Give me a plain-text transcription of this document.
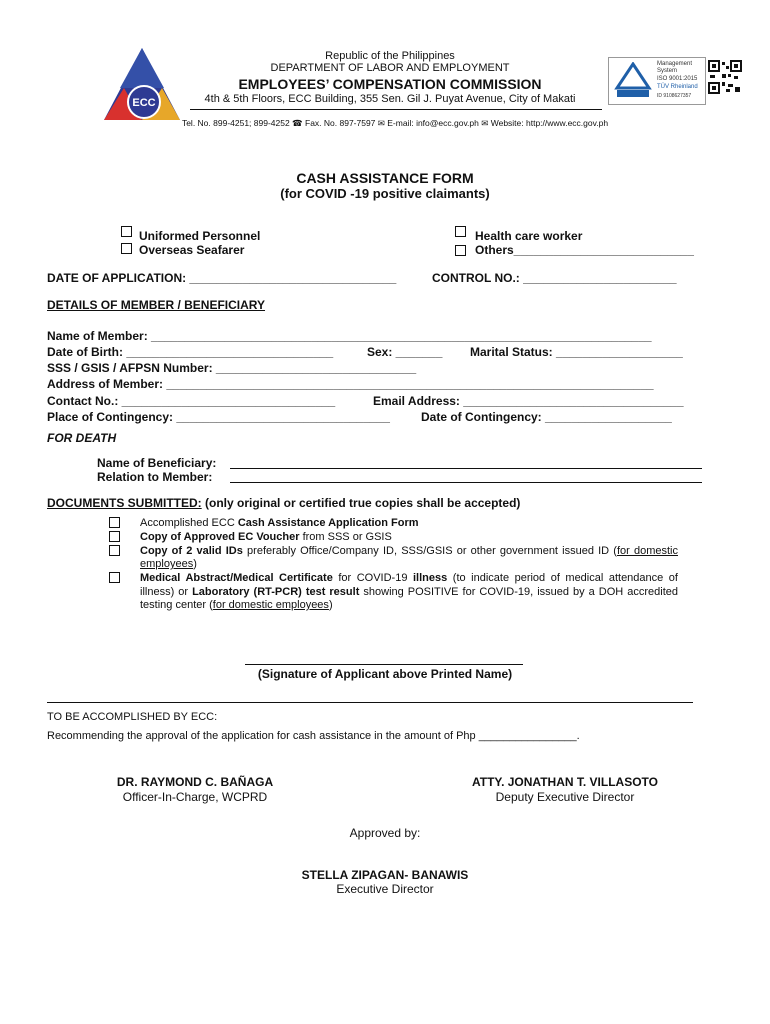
ECC
Republic of the Philippines
DEPARTMENT OF LABOR AND EMPLOYMENT
EMPLOYEES’ COMPENSATION COMMISSION
4th & 5th Floors, ECC Building, 355 Sen. Gil J. Puyat Avenue, City of Makati
Tel. No. 899-4251; 899-4252 ☎ Fax. No. 897-7597 ✉ E-mail: info@ecc.gov.ph ✉ Website: http://www.ecc.gov.ph
Management System
ISO 9001:2015
TÜV Rheinland
ID 9108627357
CASH ASSISTANCE FORM
(for COVID -19 positive claimants)
Uniformed Personnel
Overseas Seafarer
Health care worker
Others___________________________
DATE OF APPLICATION: _______________________________	CONTROL NO.: _______________________
DETAILS OF MEMBER / BENEFICIARY
Name of Member: ___________________________________________________________________________
Date of Birth: _______________________________	Sex: _______ Marital Status: ___________________
SSS / GSIS / AFPSN Number: ______________________________
Address of Member: _________________________________________________________________________
Contact No.: ________________________________	Email Address: _________________________________
Place of Contingency: ________________________________	Date of Contingency: ___________________
FOR DEATH
Name of Beneficiary:
Relation to Member:
DOCUMENTS SUBMITTED: (only original or certified true copies shall be accepted)
Accomplished ECC Cash Assistance Application Form
Copy of Approved EC Voucher from SSS or GSIS
Copy of 2 valid IDs preferably Office/Company ID, SSS/GSIS or other government issued ID (for domestic employees)
Medical Abstract/Medical Certificate for COVID-19 illness (to indicate period of medical attendance of illness) or Laboratory (RT-PCR) test result showing POSITIVE for COVID-19, issued by a DOH accredited testing center (for domestic employees)
(Signature of Applicant above Printed Name)
TO BE ACCOMPLISHED BY ECC:
Recommending the approval of the application for cash assistance in the amount of Php ________________.
DR. RAYMOND C. BAÑAGA
Officer-In-Charge, WCPRD
ATTY. JONATHAN T. VILLASOTO
Deputy Executive Director
Approved by:
STELLA ZIPAGAN- BANAWIS
Executive Director
